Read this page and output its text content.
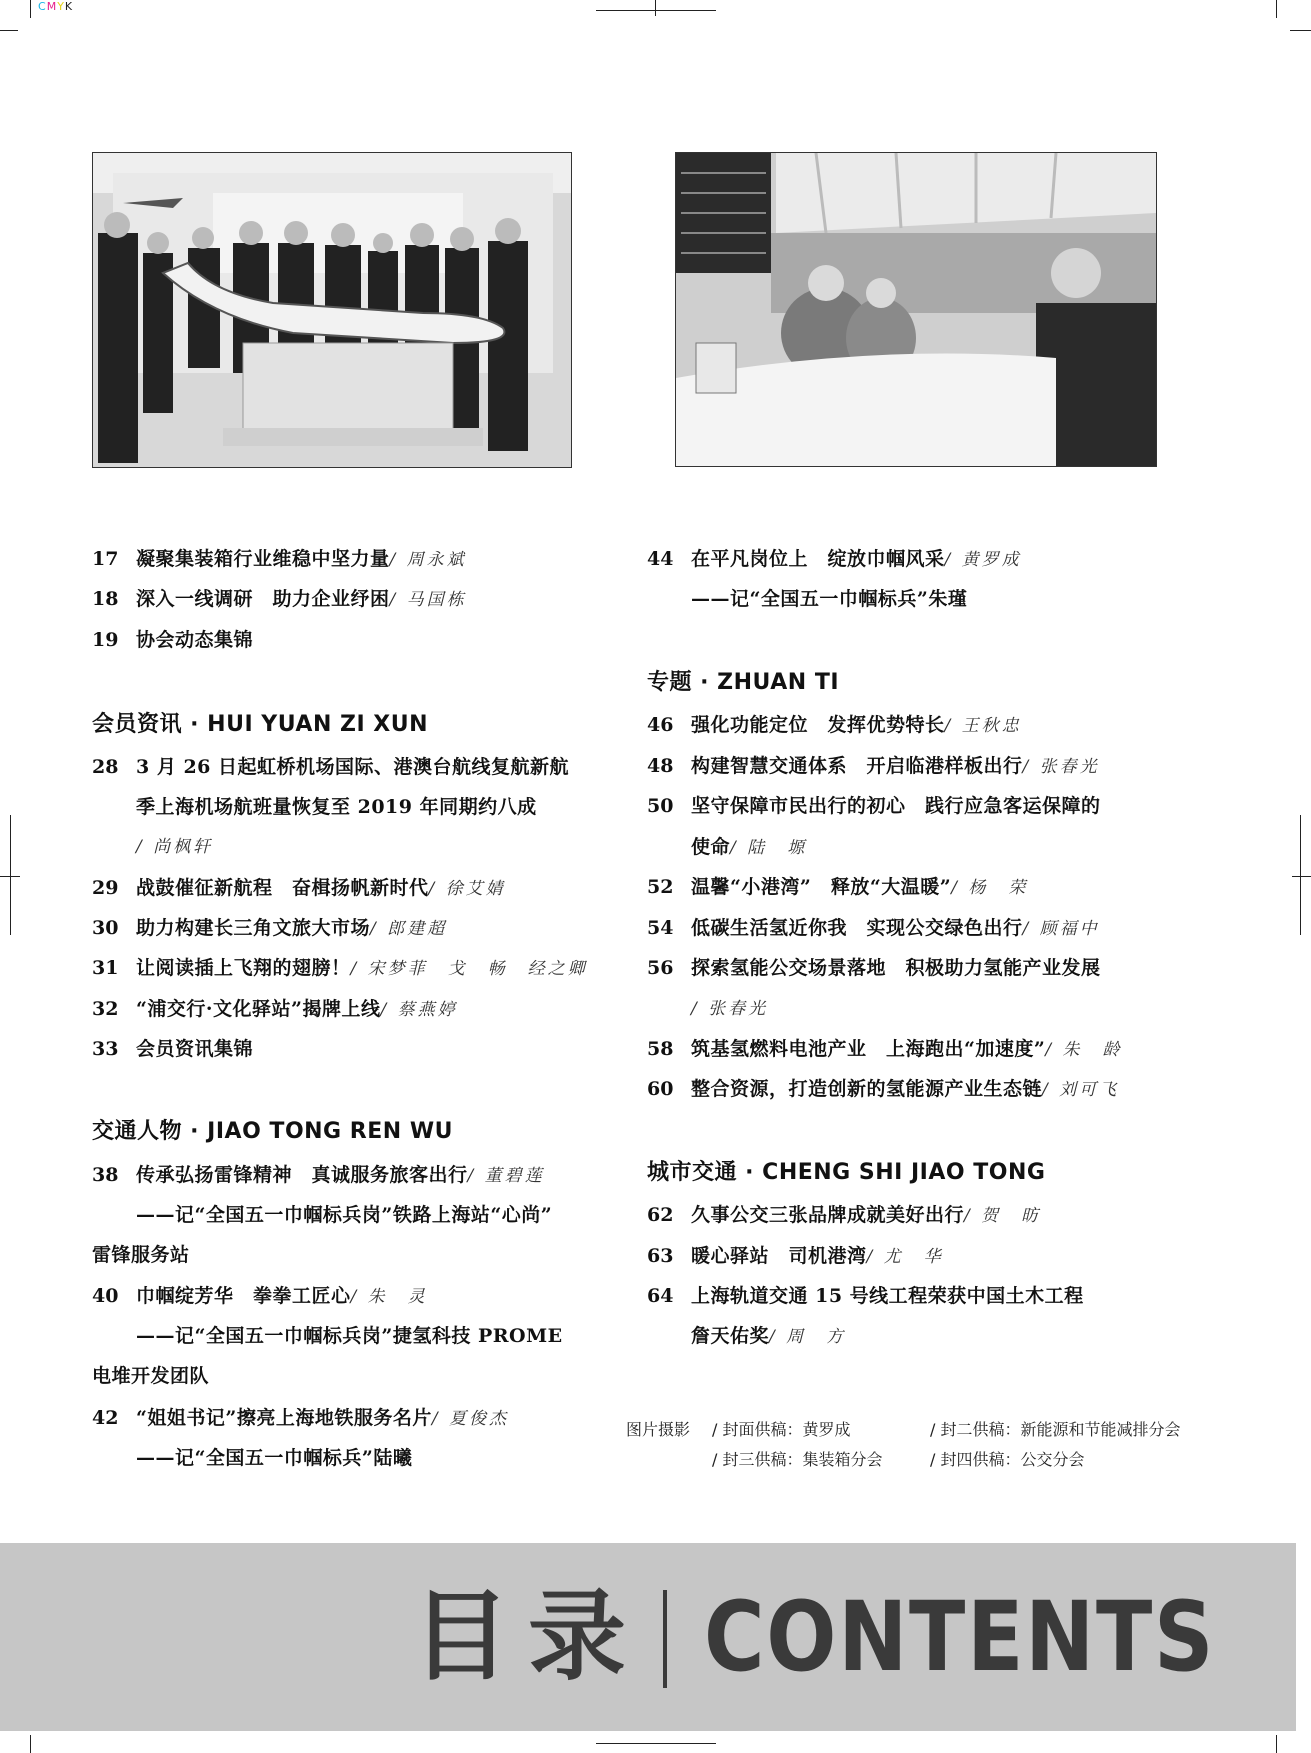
CMYK
17 凝聚集装箱行业维稳中坚力量/ 周永斌
18 深入一线调研　助力企业纾困/ 马国栋
19 协会动态集锦
会员资讯 · HUI YUAN ZI XUN
28 3 月 26 日起虹桥机场国际、港澳台航线复航新航
季上海机场航班量恢复至 2019 年同期约八成
/ 尚枫轩
29 战鼓催征新航程　奋楫扬帆新时代/ 徐艾婧
30 助力构建长三角文旅大市场/ 郎建超
31 让阅读插上飞翔的翅膀！/ 宋梦菲　戈　畅　经之卿
32 “浦交行·文化驿站”揭牌上线/ 蔡燕婷
33 会员资讯集锦
交通人物 · JIAO TONG REN WU
38 传承弘扬雷锋精神　真诚服务旅客出行/ 董碧莲
——记“全国五一巾帼标兵岗”铁路上海站“心尚”
雷锋服务站
40 巾帼绽芳华　拳拳工匠心/ 朱　灵
——记“全国五一巾帼标兵岗”捷氢科技 PROME
电堆开发团队
42 “姐姐书记”擦亮上海地铁服务名片/ 夏俊杰
——记“全国五一巾帼标兵”陆曦
44 在平凡岗位上　绽放巾帼风采/ 黄罗成
——记“全国五一巾帼标兵”朱瑾
专题 · ZHUAN TI
46 强化功能定位　发挥优势特长/ 王秋忠
48 构建智慧交通体系　开启临港样板出行/ 张春光
50 坚守保障市民出行的初心　践行应急客运保障的
使命/ 陆　塬
52 温馨“小港湾”　释放“大温暖”/ 杨　荣
54 低碳生活氢近你我　实现公交绿色出行/ 顾福中
56 探索氢能公交场景落地　积极助力氢能产业发展
/ 张春光
58 筑基氢燃料电池产业　上海跑出“加速度”/ 朱　龄
60 整合资源，打造创新的氢能源产业生态链/ 刘可飞
城市交通 · CHENG SHI JIAO TONG
62 久事公交三张品牌成就美好出行/ 贺　昉
63 暖心驿站　司机港湾/ 尤　华
64 上海轨道交通 15 号线工程荣获中国土木工程
詹天佑奖/ 周　方
图片摄影 / 封面供稿：黄罗成	/ 封二供稿：新能源和节能减排分会
/ 封三供稿：集装箱分会	/ 封四供稿：公交分会
目录 CONTENTS
